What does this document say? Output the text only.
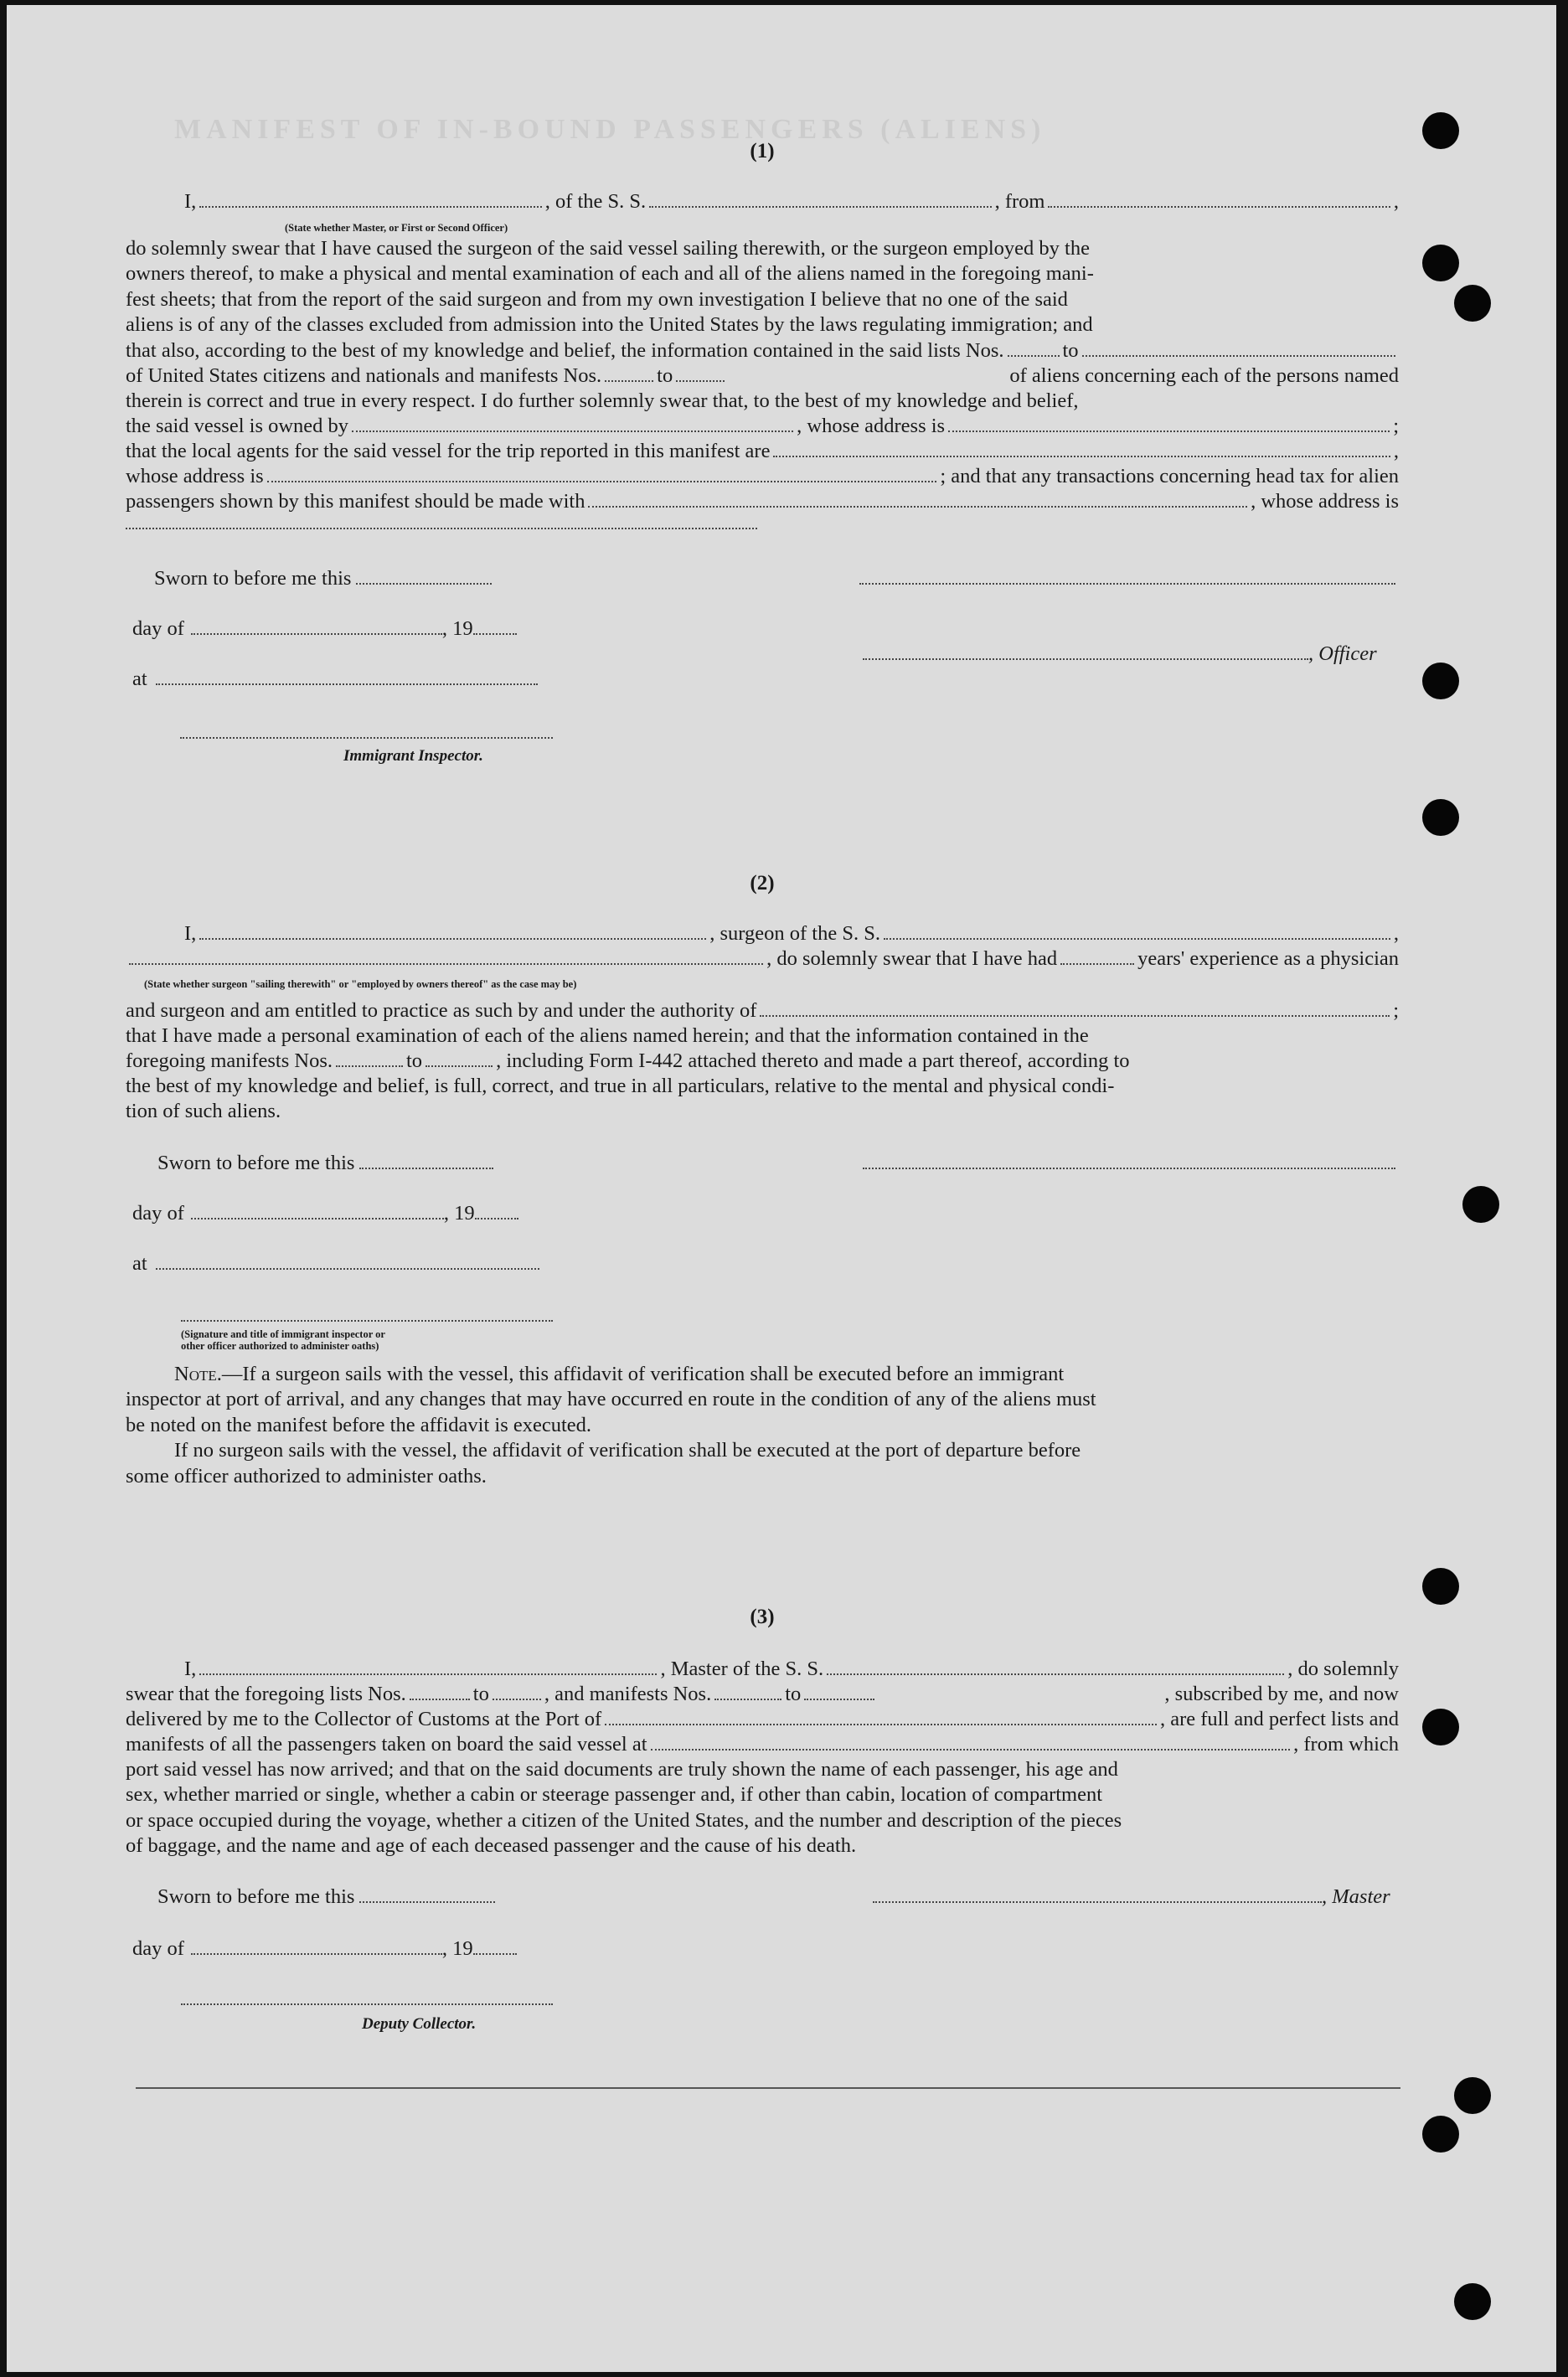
MANIFEST OF IN-BOUND PASSENGERS (ALIENS)
(1)
I,	, of the S. S.	, from	,
(State whether Master, or First or Second Officer)

do solemnly swear that I have caused the surgeon of the said vessel sailing therewith, or the surgeon employed by the

owners thereof, to make a physical and mental examination of each and all of the aliens named in the foregoing mani-

fest sheets; that from the report of the said surgeon and from my own investigation I believe that no one of the said

aliens is of any of the classes excluded from admission into the United States by the laws regulating immigration; and

that also, according to the best of my knowledge and belief, the information contained in the said lists Nos.	to
of United States citizens and nationals and manifests Nos.	to	of aliens concerning each of the persons named
therein is correct and true in every respect. I do further solemnly swear that, to the best of my knowledge and belief,
the said vessel is owned by	, whose address is	;
that the local agents for the said vessel for the trip reported in this manifest are	,
whose address is	; and that any transactions concerning head tax for alien
passengers shown by this manifest should be made with	, whose address is
Sworn to before me this
day of	, 19
, Officer
at
Immigrant Inspector.
(2)
I,	, surgeon of the S. S.	,
, do solemnly swear that I have had	years' experience as a physician
(State whether surgeon "sailing therewith" or "employed by owners thereof" as the case may be)
and surgeon and am entitled to practice as such by and under the authority of	;
that I have made a personal examination of each of the aliens named herein; and that the information contained in the
foregoing manifests Nos.	to	, including Form I-442 attached thereto and made a part thereof, according to
the best of my knowledge and belief, is full, correct, and true in all particulars, relative to the mental and physical condi-
tion of such aliens.
Sworn to before me this
day of	, 19
at
(Signature and title of immigrant inspector or
other officer authorized to administer oaths)

Note.—If a surgeon sails with the vessel, this affidavit of verification shall be executed before an immigrant

inspector at port of arrival, and any changes that may have occurred en route in the condition of any of the aliens must

be noted on the manifest before the affidavit is executed.

If no surgeon sails with the vessel, the affidavit of verification shall be executed at the port of departure before

some officer authorized to administer oaths.

(3)
I,	, Master of the S. S.	, do solemnly
swear that the foregoing lists Nos.	to	, and manifests Nos.	to	, subscribed by me, and now
delivered by me to the Collector of Customs at the Port of	, are full and perfect lists and
manifests of all the passengers taken on board the said vessel at	, from which

port said vessel has now arrived; and that on the said documents are truly shown the name of each passenger, his age and

sex, whether married or single, whether a cabin or steerage passenger and, if other than cabin, location of compartment

or space occupied during the voyage, whether a citizen of the United States, and the number and description of the pieces

of baggage, and the name and age of each deceased passenger and the cause of his death.

Sworn to before me this	, Master
day of	, 19
Deputy Collector.
